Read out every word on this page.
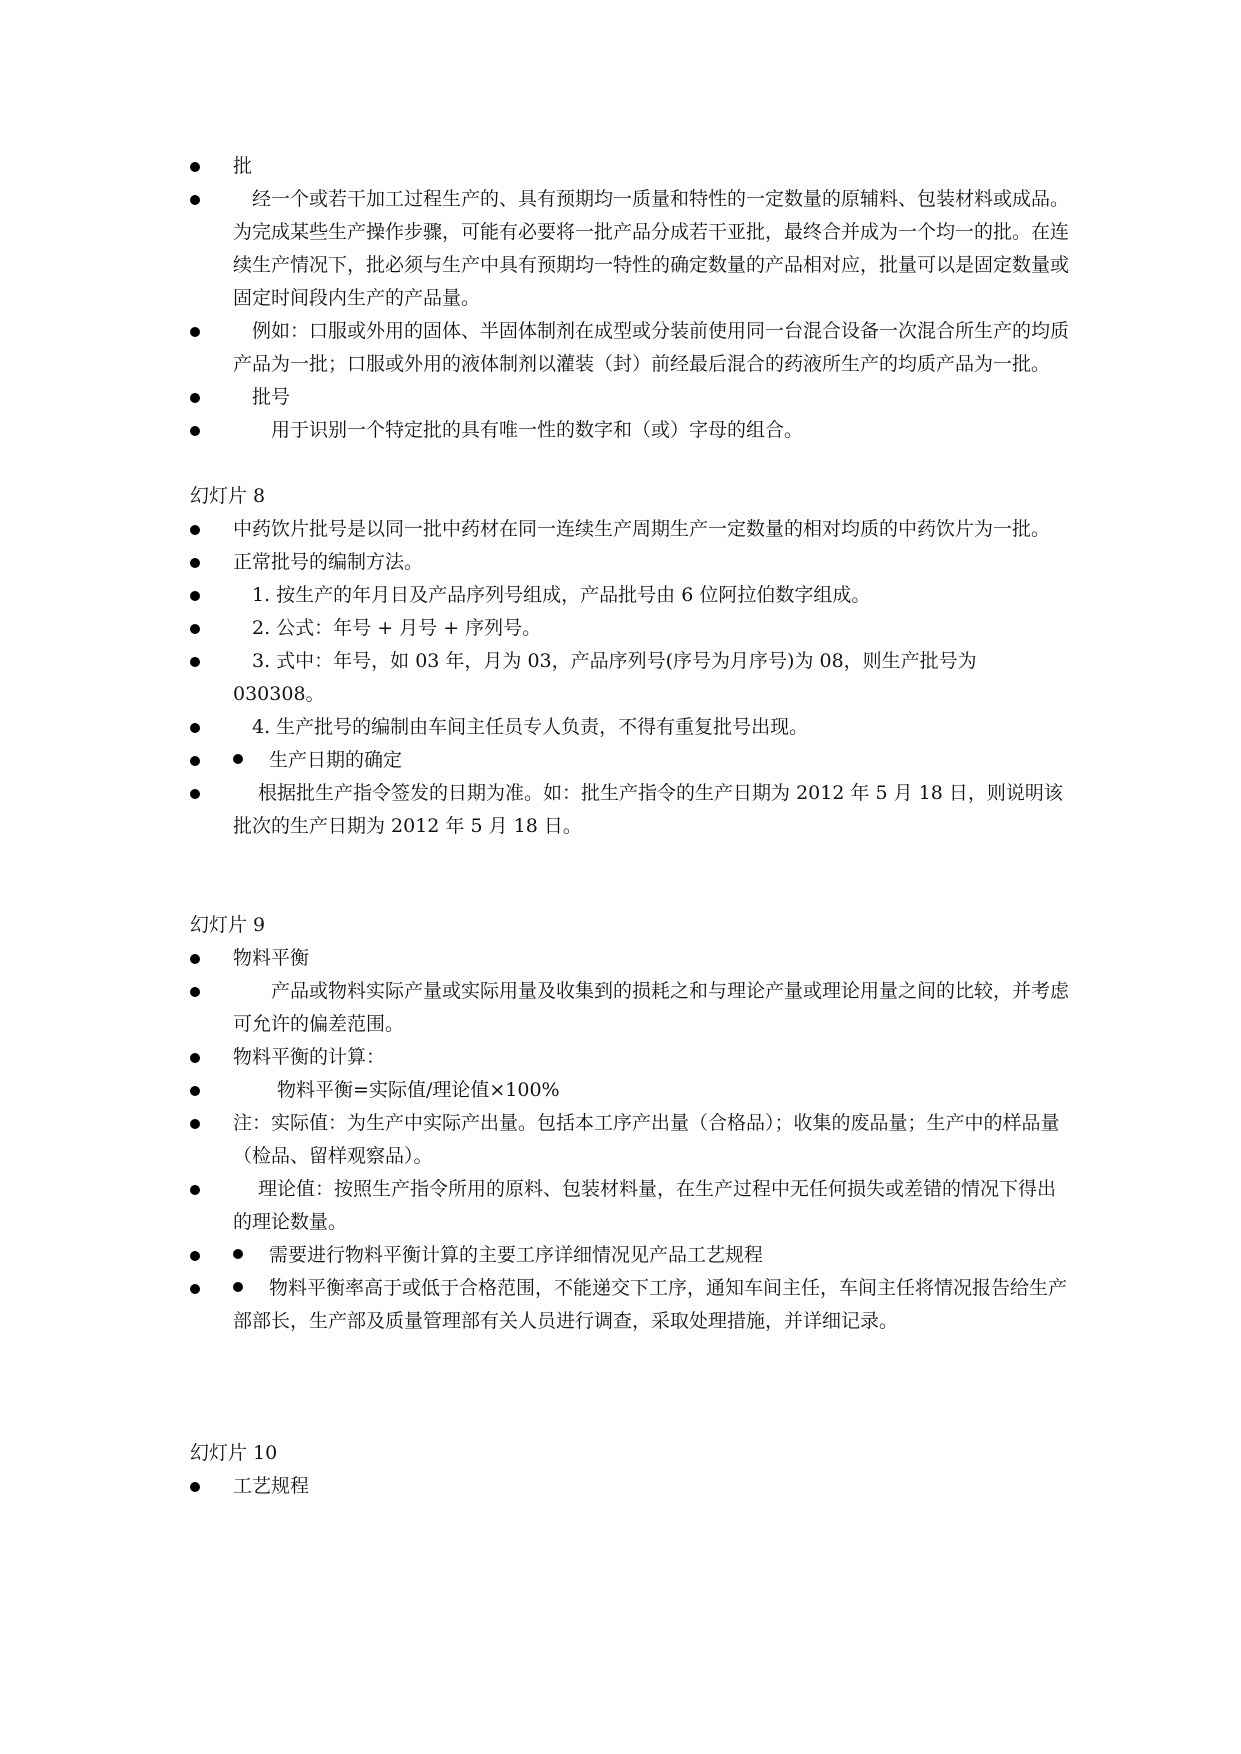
批
　经一个或若干加工过程生产的、具有预期均一质量和特性的一定数量的原辅料、包装材料或成品。为完成某些生产操作步骤，可能有必要将一批产品分成若干亚批，最终合并成为一个均一的批。在连续生产情况下，批必须与生产中具有预期均一特性的确定数量的产品相对应，批量可以是固定数量或固定时间段内生产的产品量。
　例如：口服或外用的固体、半固体制剂在成型或分装前使用同一台混合设备一次混合所生产的均质产品为一批；口服或外用的液体制剂以灌装（封）前经最后混合的药液所生产的均质产品为一批。
　批号
　　用于识别一个特定批的具有唯一性的数字和（或）字母的组合。

幻灯片 8

中药饮片批号是以同一批中药材在同一连续生产周期生产一定数量的相对均质的中药饮片为一批。
正常批号的编制方法。
　1. 按生产的年月日及产品序列号组成，产品批号由 6 位阿拉伯数字组成。
　2. 公式：年号 + 月号 + 序列号。
　3. 式中：年号，如 03 年，月为 03，产品序列号(序号为月序号)为 08，则生产批号为 030308。
　4. 生产批号的编制由车间主任员专人负责，不得有重复批号出现。
生产日期的确定
　 根据批生产指令签发的日期为准。如：批生产指令的生产日期为 2012 年 5 月 18 日，则说明该批次的生产日期为 2012 年 5 月 18 日。

幻灯片 9

物料平衡
　　产品或物料实际产量或实际用量及收集到的损耗之和与理论产量或理论用量之间的比较，并考虑可允许的偏差范围。
物料平衡的计算：
　　 物料平衡=实际值/理论值×100%
注：实际值：为生产中实际产出量。包括本工序产出量（合格品）；收集的废品量；生产中的样品量（检品、留样观察品）。
　 理论值：按照生产指令所用的原料、包装材料量，在生产过程中无任何损失或差错的情况下得出的理论数量。
需要进行物料平衡计算的主要工序详细情况见产品工艺规程
物料平衡率高于或低于合格范围，不能递交下工序，通知车间主任，车间主任将情况报告给生产部部长，生产部及质量管理部有关人员进行调查，采取处理措施，并详细记录。

幻灯片 10

工艺规程
